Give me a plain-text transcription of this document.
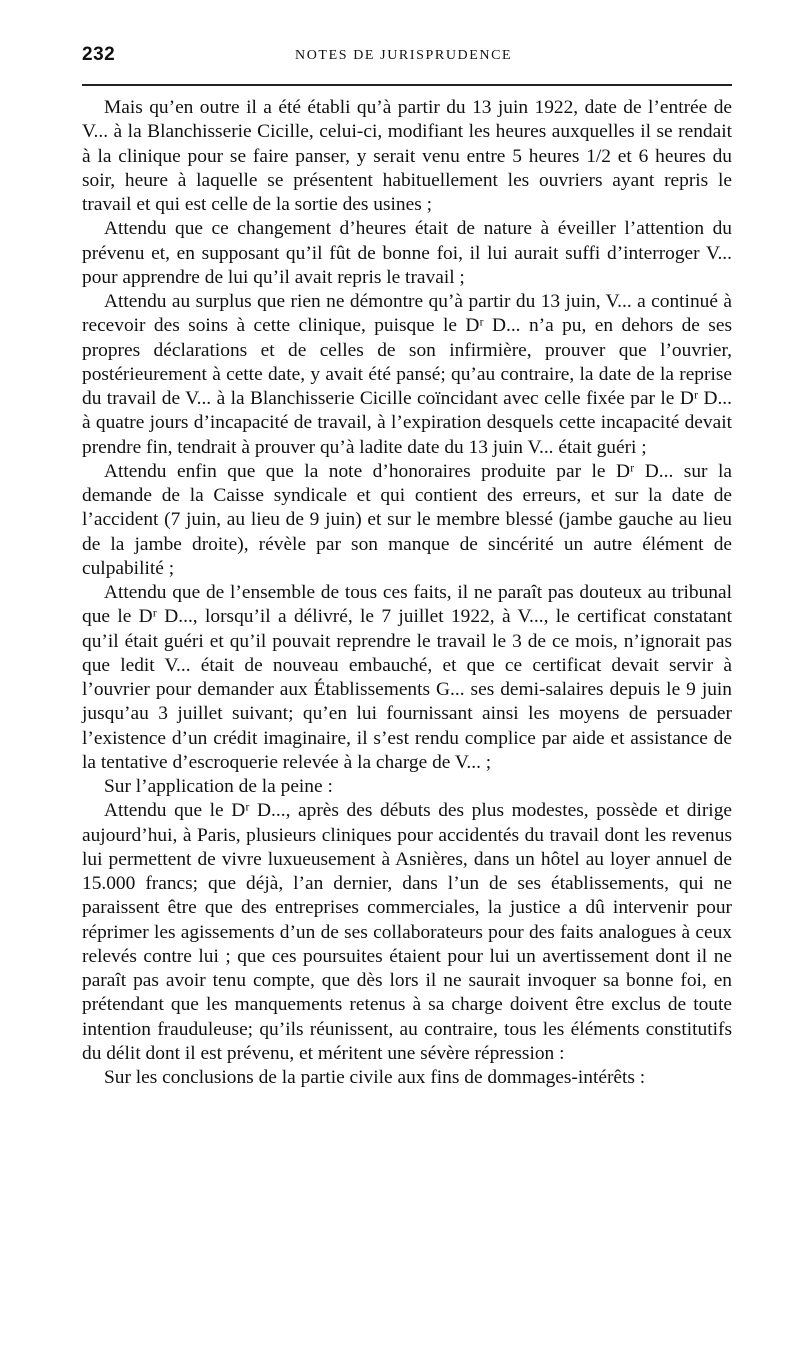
232	NOTES DE JURISPRUDENCE

Mais qu’en outre il a été établi qu’à partir du 13 juin 1922, date de l’entrée de V... à la Blanchisserie Cicille, celui-ci, modifiant les heures auxquelles il se rendait à la clinique pour se faire panser, y serait venu entre 5 heures 1/2 et 6 heures du soir, heure à laquelle se présentent habituellement les ouvriers ayant repris le travail et qui est celle de la sortie des usines ;

Attendu que ce changement d’heures était de nature à éveiller l’attention du prévenu et, en supposant qu’il fût de bonne foi, il lui aurait suffi d’interroger V... pour apprendre de lui qu’il avait repris le travail ;

Attendu au surplus que rien ne démontre qu’à partir du 13 juin, V... a continué à recevoir des soins à cette clinique, puisque le Dʳ D... n’a pu, en dehors de ses propres déclarations et de celles de son infirmière, prouver que l’ouvrier, postérieurement à cette date, y avait été pansé; qu’au contraire, la date de la reprise du travail de V... à la Blanchisserie Cicille coïncidant avec celle fixée par le Dʳ D... à quatre jours d’incapacité de travail, à l’expiration desquels cette incapacité devait prendre fin, tendrait à prouver qu’à ladite date du 13 juin V... était guéri ;

Attendu enfin que que la note d’honoraires produite par le Dʳ D... sur la demande de la Caisse syndicale et qui contient des erreurs, et sur la date de l’accident (7 juin, au lieu de 9 juin) et sur le membre blessé (jambe gauche au lieu de la jambe droite), révèle par son manque de sincérité un autre élément de culpabilité ;

Attendu que de l’ensemble de tous ces faits, il ne paraît pas douteux au tribunal que le Dʳ D..., lorsqu’il a délivré, le 7 juillet 1922, à V..., le certificat constatant qu’il était guéri et qu’il pouvait reprendre le travail le 3 de ce mois, n’ignorait pas que ledit V... était de nouveau embauché, et que ce certificat devait servir à l’ouvrier pour demander aux Établissements G... ses demi-salaires depuis le 9 juin jusqu’au 3 juillet suivant; qu’en lui fournissant ainsi les moyens de persuader l’existence d’un crédit imaginaire, il s’est rendu complice par aide et assistance de la tentative d’escroquerie relevée à la charge de V... ;

Sur l’application de la peine :

Attendu que le Dʳ D..., après des débuts des plus modestes, possède et dirige aujourd’hui, à Paris, plusieurs cliniques pour accidentés du travail dont les revenus lui permettent de vivre luxueusement à Asnières, dans un hôtel au loyer annuel de 15.000 francs; que déjà, l’an dernier, dans l’un de ses établissements, qui ne paraissent être que des entreprises commerciales, la justice a dû intervenir pour réprimer les agissements d’un de ses collaborateurs pour des faits analogues à ceux relevés contre lui ; que ces poursuites étaient pour lui un avertissement dont il ne paraît pas avoir tenu compte, que dès lors il ne saurait invoquer sa bonne foi, en prétendant que les manquements retenus à sa charge doivent être exclus de toute intention frauduleuse; qu’ils réunissent, au contraire, tous les éléments constitutifs du délit dont il est prévenu, et méritent une sévère répression :

Sur les conclusions de la partie civile aux fins de dommages-intérêts :
